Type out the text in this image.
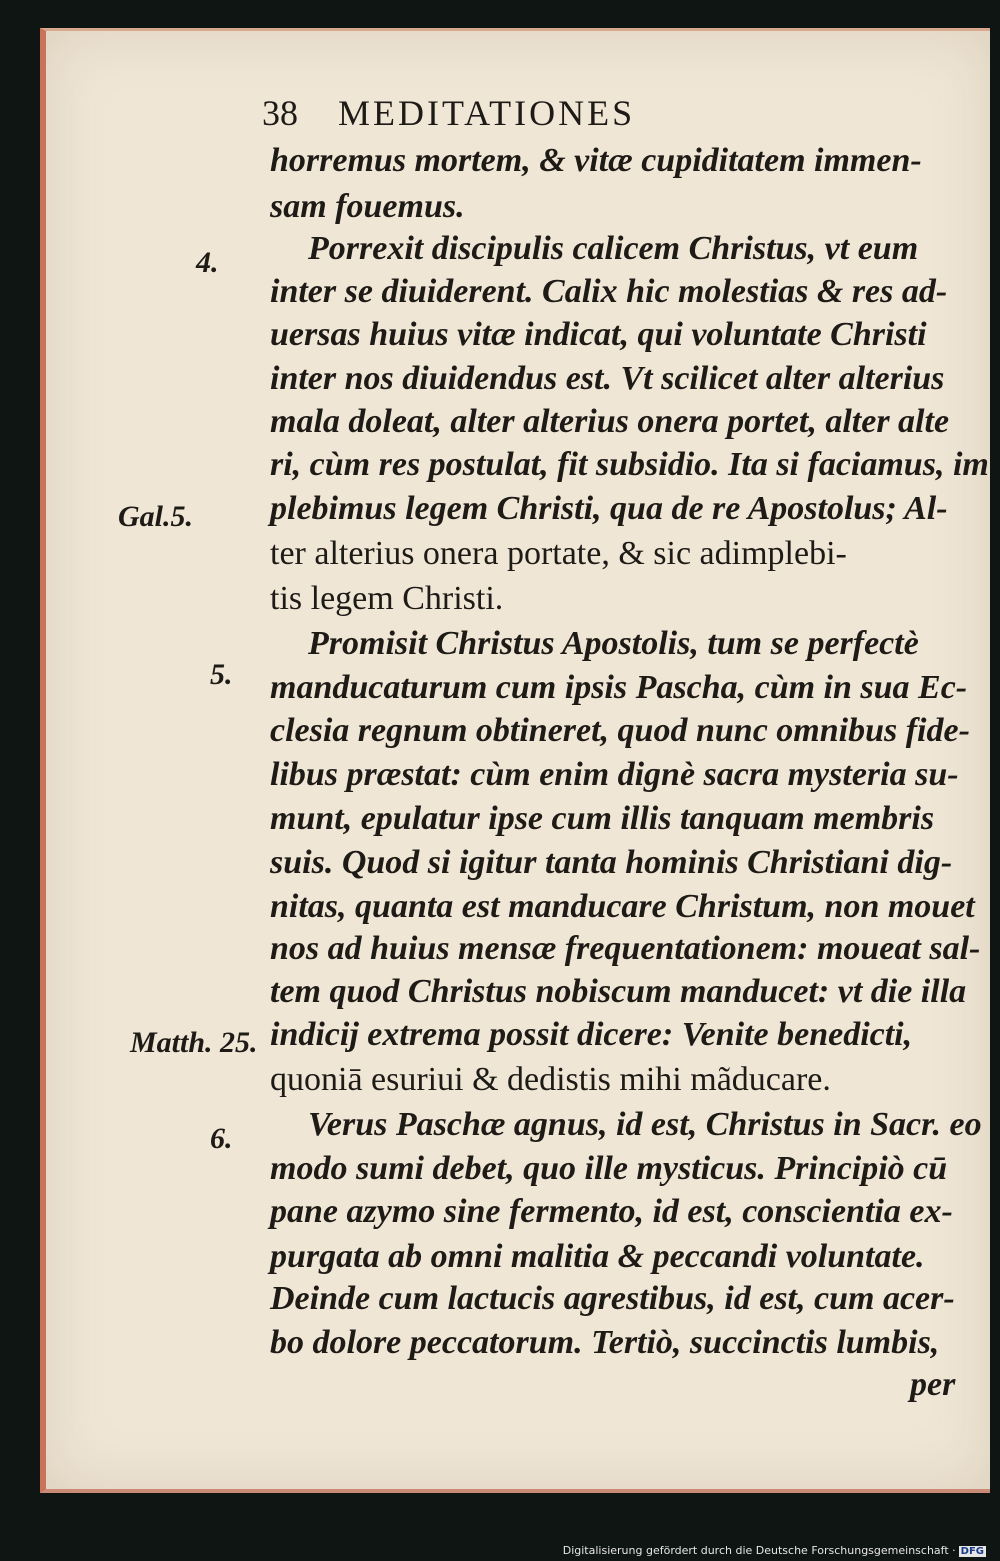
38 MEDITATIONES
4.
Gal.5.
5.
Matth. 25.
6.
horremus mortem, & vitæ cupiditatem immen-
sam fouemus.
Porrexit discipulis calicem Christus, vt eum
inter se diuiderent. Calix hic molestias & res ad-
uersas huius vitæ indicat, qui voluntate Christi
inter nos diuidendus est. Vt scilicet alter alterius
mala doleat, alter alterius onera portet, alter alte
ri, cùm res postulat, fit subsidio. Ita si faciamus, im
plebimus legem Christi, qua de re Apostolus; Al-
ter alterius onera portate, & sic adimplebi-
tis legem Christi.
Promisit Christus Apostolis, tum se perfectè
manducaturum cum ipsis Pascha, cùm in sua Ec-
clesia regnum obtineret, quod nunc omnibus fide-
libus præstat: cùm enim dignè sacra mysteria su-
munt, epulatur ipse cum illis tanquam membris
suis. Quod si igitur tanta hominis Christiani dig-
nitas, quanta est manducare Christum, non mouet
nos ad huius mensæ frequentationem: moueat sal-
tem quod Christus nobiscum manducet: vt die illa
indicij extrema possit dicere: Venite benedicti,
quoniā esuriui & dedistis mihi mãducare.
Verus Paschæ agnus, id est, Christus in Sacr. eo
modo sumi debet, quo ille mysticus. Principiò cū
pane azymo sine fermento, id est, conscientia ex-
purgata ab omni malitia & peccandi voluntate.
Deinde cum lactucis agrestibus, id est, cum acer-
bo dolore peccatorum. Tertiò, succinctis lumbis,
per
Digitalisierung gefördert durch die Deutsche Forschungsgemeinschaft · DFG
